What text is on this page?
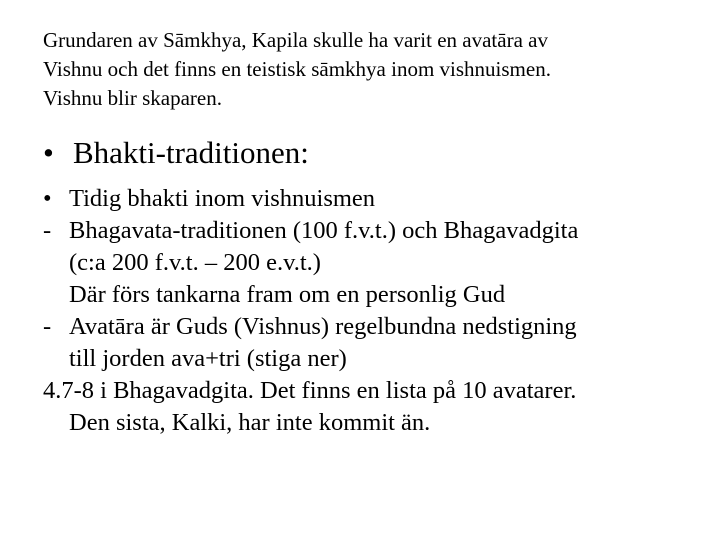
Grundaren av Sāmkhya, Kapila skulle ha varit en avatāra av

Vishnu och det finns en teistisk sāmkhya inom vishnuismen.

Vishnu blir skaparen.

• Bhakti-traditionen:
• Tidig bhakti inom vishnuismen
- Bhagavata-traditionen (100 f.v.t.) och Bhagavadgita
(c:a 200 f.v.t. – 200 e.v.t.)
Där förs tankarna fram om en personlig Gud
- Avatāra är Guds (Vishnus) regelbundna nedstigning
till jorden ava+tri (stiga ner)
4.7-8 i Bhagavadgita. Det finns en lista på 10 avatarer.
Den sista, Kalki, har inte kommit än.
